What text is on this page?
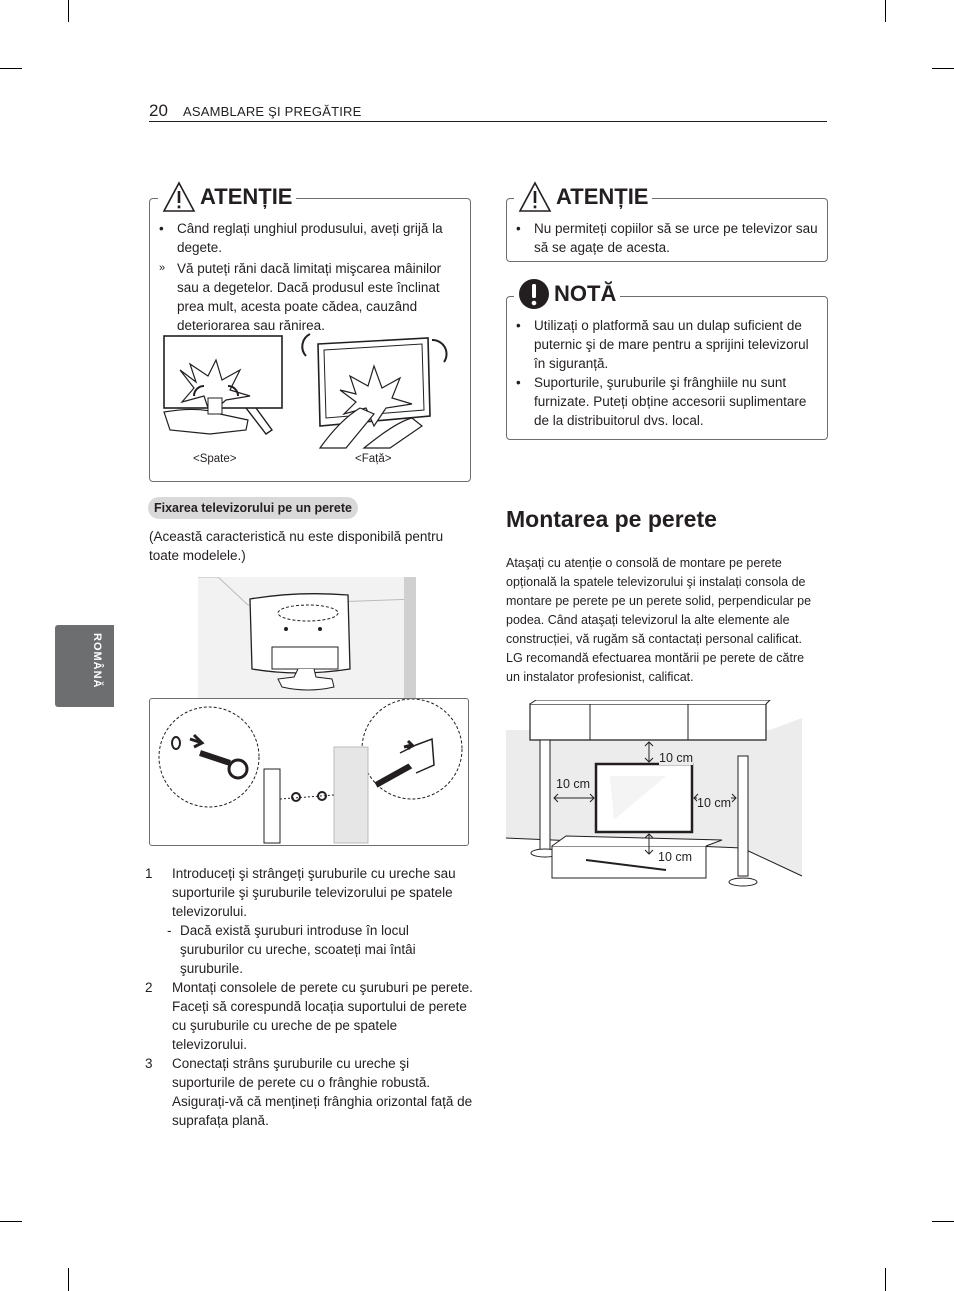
20 ASAMBLARE ŞI PREGĂTIRE
ROMÂNĂ
ATENȚIE
• Când reglați unghiul produsului, aveți grijă la degete.
» Vă puteți răni dacă limitați mişcarea mâinilor sau a degetelor. Dacă produsul este înclinat prea mult, acesta poate cădea, cauzând deteriorarea sau rănirea.
<Spate>	<Față>
Fixarea televizorului pe un perete
(Această caracteristică nu este disponibilă pentru toate modelele.)
1 Introduceți şi strângeți şuruburile cu ureche sau suporturile şi şuruburile televizorului pe spatele televizorului.
- Dacă există şuruburi introduse în locul şuruburilor cu ureche, scoateți mai întâi şuruburile.
2 Montați consolele de perete cu şuruburi pe perete.
Faceți să corespundă locația suportului de perete cu şuruburile cu ureche de pe spatele televizorului.
3 Conectați strâns şuruburile cu ureche şi suporturile de perete cu o frânghie robustă. Asigurați-vă că mențineți frânghia orizontal față de suprafața plană.
ATENȚIE
• Nu permiteți copiilor să se urce pe televizor sau să se agațe de acesta.
NOTĂ
• Utilizați o platformă sau un dulap suficient de puternic şi de mare pentru a sprijini televizorul în siguranță.
• Suporturile, şuruburile şi frânghiile nu sunt furnizate. Puteți obține accesorii suplimentare de la distribuitorul dvs. local.
Montarea pe perete
Ataşați cu atenție o consolă de montare pe perete opțională la spatele televizorului şi instalați consola de montare pe perete pe un perete solid, perpendicular pe podea. Când ataşați televizorul la alte elemente ale construcției, vă rugăm să contactați personal calificat. LG recomandă efectuarea montării pe perete de către un instalator profesionist, calificat.
10 cm
10 cm
10 cm
10 cm
